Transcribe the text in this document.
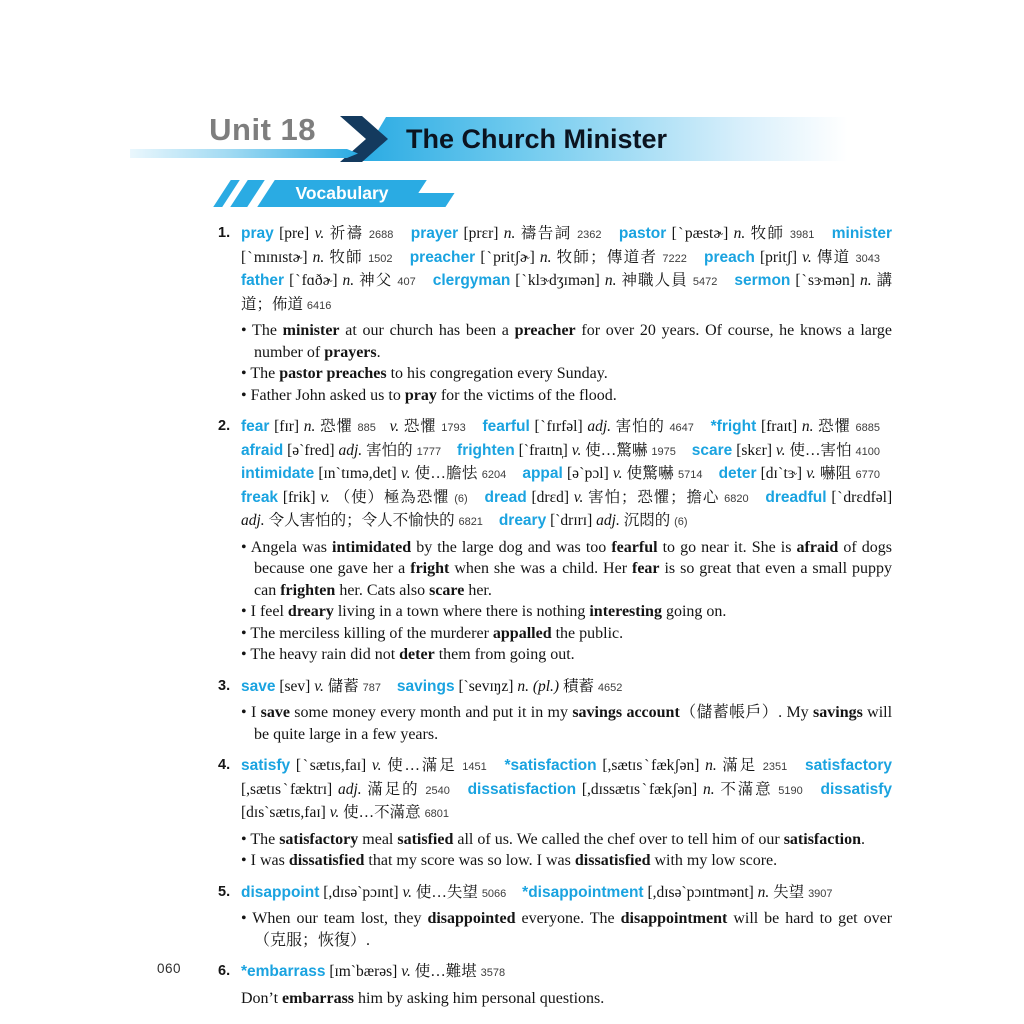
Unit 18	The Church Minister
Vocabulary
1. pray [pre] v. 祈禱 2688 prayer [prɛr] n. 禱告詞 2362 pastor [ˋpæstɚ] n. 牧師 3981 minister [ˋmɪnɪstɚ] n. 牧師 1502 preacher [ˋpritʃɚ] n. 牧師；傳道者 7222 preach [pritʃ] v. 傳道 3043 father [ˋfɑðɚ] n. 神父 407 clergyman [ˋklɝdʒɪmən] n. 神職人員 5472 sermon [ˋsɝmən] n. 講道；佈道 6416
• The minister at our church has been a preacher for over 20 years. Of course, he knows a large number of prayers.
• The pastor preaches to his congregation every Sunday.
• Father John asked us to pray for the victims of the flood.
2. fear [fɪr] n. 恐懼 885 v. 恐懼 1793 fearful [ˋfɪrfəl] adj. 害怕的 4647 *fright [fraɪt] n. 恐懼 6885 afraid [əˋfred] adj. 害怕的 1777 frighten [ˋfraɪtn̩] v. 使…驚嚇 1975 scare [skɛr] v. 使…害怕 4100 intimidate [ɪnˋtɪmə,det] v. 使…膽怯 6204 appal [əˋpɔl] v. 使驚嚇 5714 deter [dɪˋtɝ] v. 嚇阻 6770 freak [frik] v. （使）極為恐懼 (6) dread [drɛd] v. 害怕；恐懼；擔心 6820 dreadful [ˋdrɛdfəl] adj. 令人害怕的；令人不愉快的 6821 dreary [ˋdrɪrɪ] adj. 沉悶的 (6)
• Angela was intimidated by the large dog and was too fearful to go near it. She is afraid of dogs because one gave her a fright when she was a child. Her fear is so great that even a small puppy can frighten her. Cats also scare her.
• I feel dreary living in a town where there is nothing interesting going on.
• The merciless killing of the murderer appalled the public.
• The heavy rain did not deter them from going out.
3. save [sev] v. 儲蓄 787 savings [ˋsevɪŋz] n. (pl.) 積蓄 4652
• I save some money every month and put it in my savings account（儲蓄帳戶）. My savings will be quite large in a few years.
4. satisfy [ˋsætɪs,faɪ] v. 使…滿足 1451 *satisfaction [,sætɪsˋfækʃən] n. 滿足 2351 satisfactory [,sætɪsˋfæktrɪ] adj. 滿足的 2540 dissatisfaction [,dɪssætɪsˋfækʃən] n. 不滿意 5190 dissatisfy [dɪsˋsætɪs,faɪ] v. 使…不滿意 6801
• The satisfactory meal satisfied all of us. We called the chef over to tell him of our satisfaction.
• I was dissatisfied that my score was so low. I was dissatisfied with my low score.
5. disappoint [,dɪsəˋpɔɪnt] v. 使…失望 5066 *disappointment [,dɪsəˋpɔɪntmənt] n. 失望 3907
• When our team lost, they disappointed everyone. The disappointment will be hard to get over（克服；恢復）.
6. *embarrass [ɪmˋbærəs] v. 使…難堪 3578
Don’t embarrass him by asking him personal questions.
060
